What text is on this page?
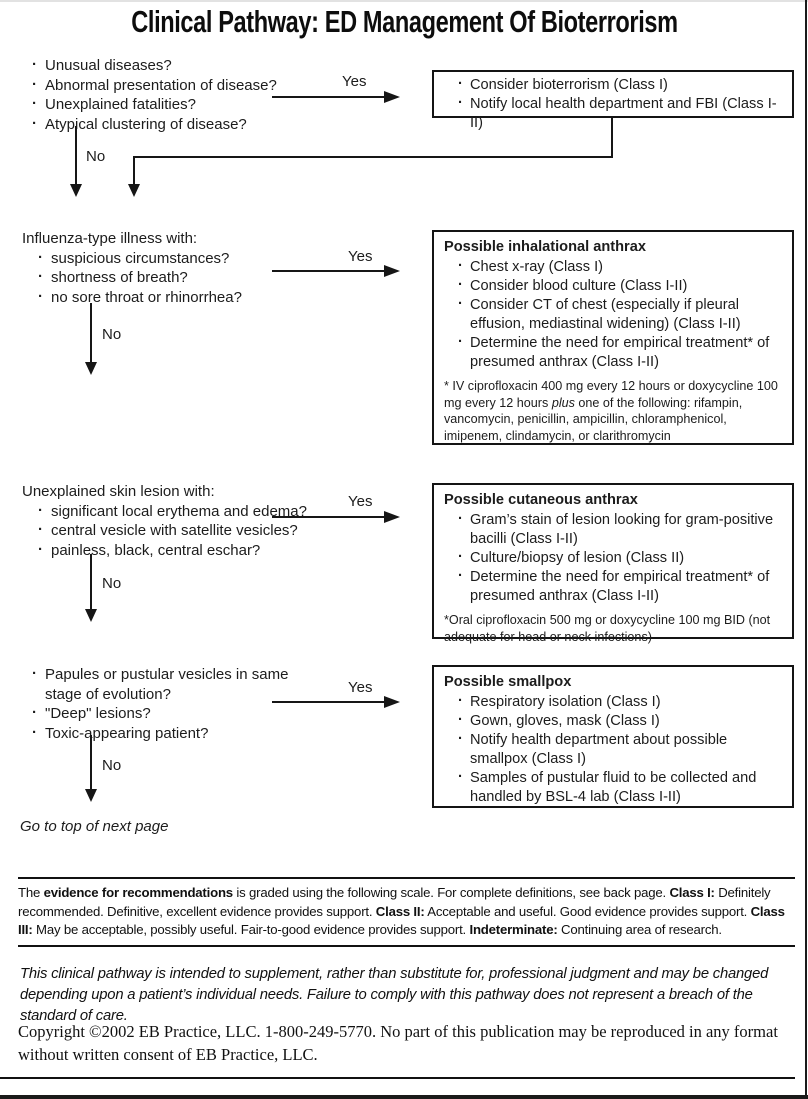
Clinical Pathway: ED Management Of Bioterrorism
· Unusual diseases?
· Abnormal presentation of disease?
· Unexplained fatalities?
· Atypical clustering of disease?
Yes	· Consider bioterrorism (Class I)
· Notify local health department and FBI (Class I-II)
No
Influenza-type illness with:
· suspicious circumstances?
· shortness of breath?
· no sore throat or rhinorrhea?
Yes
Possible inhalational anthrax
· Chest x-ray (Class I)
· Consider blood culture (Class I-II)
· Consider CT of chest (especially if pleural effusion, mediastinal widening) (Class I-II)
· Determine the need for empirical treatment* of presumed anthrax (Class I-II)
* IV ciprofloxacin 400 mg every 12 hours or doxycycline 100 mg every 12 hours plus one of the following: rifampin, vancomycin, penicillin, ampicillin, chloramphenicol, imipenem, clindamycin, or clarithromycin
No
Unexplained skin lesion with:
· significant local erythema and edema?
· central vesicle with satellite vesicles?
· painless, black, central eschar?
Yes	Possible cutaneous anthrax
· Gram’s stain of lesion looking for gram-positive bacilli (Class I-II)
· Culture/biopsy of lesion (Class II)
· Determine the need for empirical treatment* of presumed anthrax (Class I-II)
*Oral ciprofloxacin 500 mg or doxycycline 100 mg BID (not adequate for head or neck infections)
No
· Papules or pustular vesicles in same stage of evolution?
· "Deep" lesions?
· Toxic-appearing patient?
Yes	Possible smallpox
· Respiratory isolation (Class I)
· Gown, gloves, mask (Class I)
· Notify health department about possible smallpox (Class I)
· Samples of pustular fluid to be collected and handled by BSL-4 lab (Class I-II)
No
Go to top of next page
The evidence for recommendations is graded using the following scale. For complete definitions, see back page. Class I: Definitely recommended. Definitive, excellent evidence provides support. Class II: Acceptable and useful. Good evidence provides support. Class III: May be acceptable, possibly useful. Fair-to-good evidence provides support. Indeterminate: Continuing area of research.
This clinical pathway is intended to supplement, rather than substitute for, professional judgment and may be changed depending upon a patient’s individual needs. Failure to comply with this pathway does not represent a breach of the standard of care.
Copyright ©2002 EB Practice, LLC. 1-800-249-5770. No part of this publication may be reproduced in any format without written consent of EB Practice, LLC.
